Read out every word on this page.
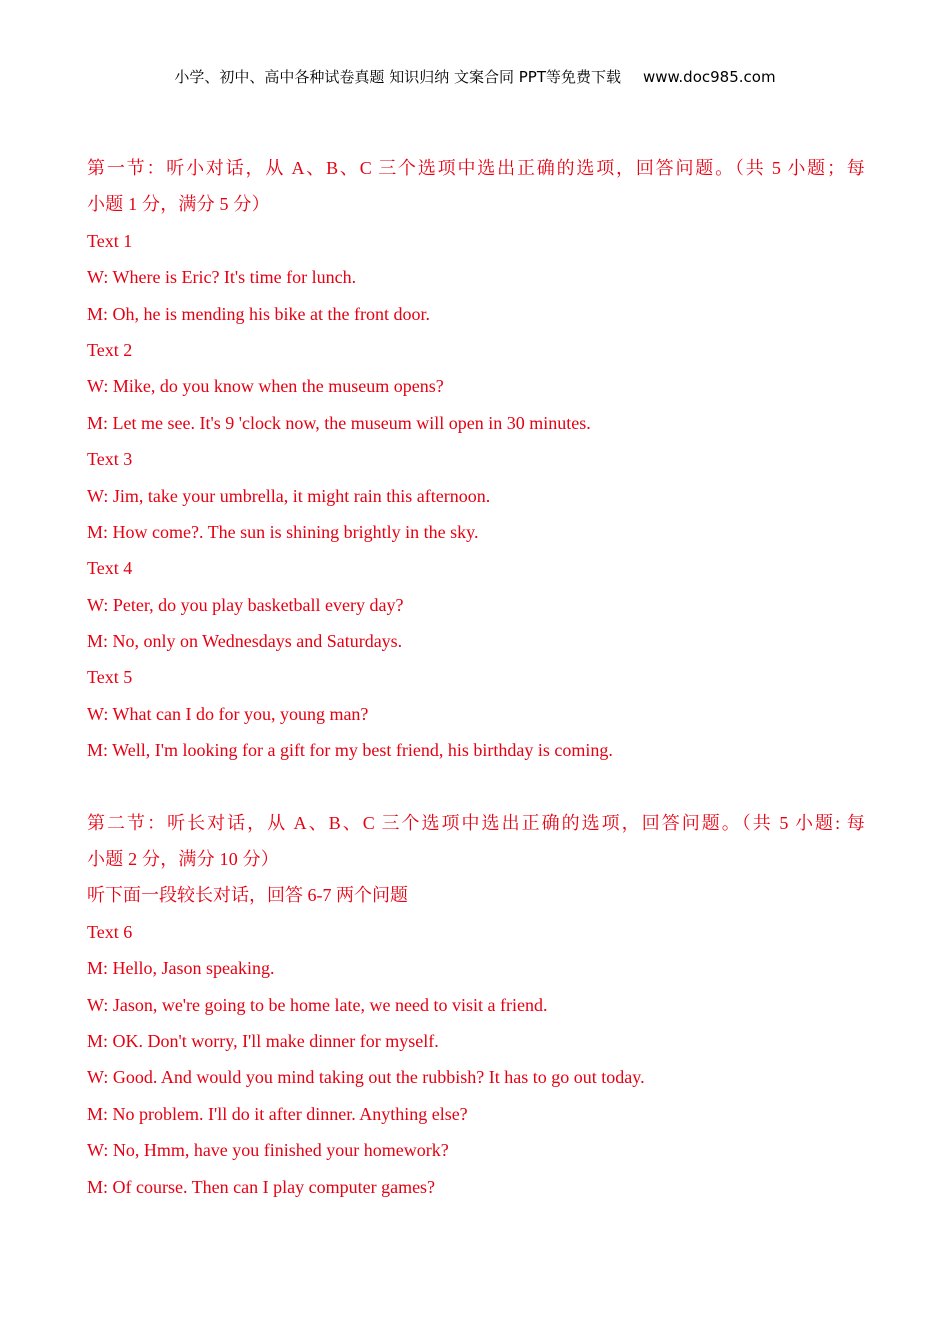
小学、初中、高中各种试卷真题 知识归纳 文案合同 PPT等免费下载 www.doc985.com
第一节：听小对话，从 A、B、C 三个选项中选出正确的选项，回答问题。（共 5 小题；每
小题 1 分，满分 5 分）
Text 1
W: Where is Eric? It's time for lunch.
M: Oh, he is mending his bike at the front door.
Text 2
W: Mike, do you know when the museum opens?
M: Let me see. It's 9 'clock now, the museum will open in 30 minutes.
Text 3
W: Jim, take your umbrella, it might rain this afternoon.
M: How come?. The sun is shining brightly in the sky.
Text 4
W: Peter, do you play basketball every day?
M: No, only on Wednesdays and Saturdays.
Text 5
W: What can I do for you, young man?
M: Well, I'm looking for a gift for my best friend, his birthday is coming.
第二节：听长对话，从 A、B、C 三个选项中选出正确的选项，回答问题。（共 5 小题: 每
小题 2 分，满分 10 分）
听下面一段较长对话，回答 6-7 两个问题
Text 6
M: Hello, Jason speaking.
W: Jason, we're going to be home late, we need to visit a friend.
M: OK. Don't worry, I'll make dinner for myself.
W: Good. And would you mind taking out the rubbish? It has to go out today.
M: No problem. I'll do it after dinner. Anything else?
W: No, Hmm, have you finished your homework?
M: Of course. Then can I play computer games?
